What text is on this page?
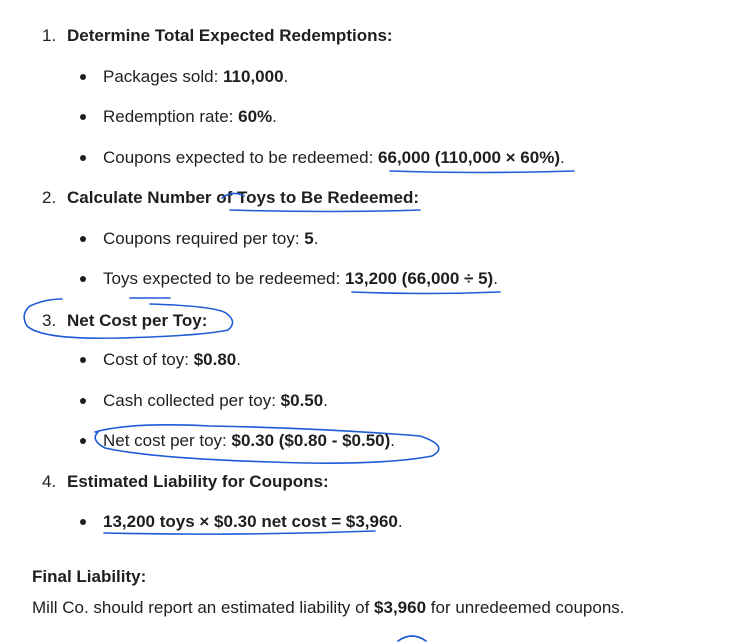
1. Determine Total Expected Redemptions:
Packages sold: 110,000.
Redemption rate: 60%.
Coupons expected to be redeemed: 66,000 (110,000 × 60%).
2. Calculate Number of Toys to Be Redeemed:
Coupons required per toy: 5.
Toys expected to be redeemed: 13,200 (66,000 ÷ 5).
3. Net Cost per Toy:
Cost of toy: $0.80.
Cash collected per toy: $0.50.
Net cost per toy: $0.30 ($0.80 - $0.50).
4. Estimated Liability for Coupons:
13,200 toys × $0.30 net cost = $3,960.
Final Liability:
Mill Co. should report an estimated liability of $3,960 for unredeemed coupons.
